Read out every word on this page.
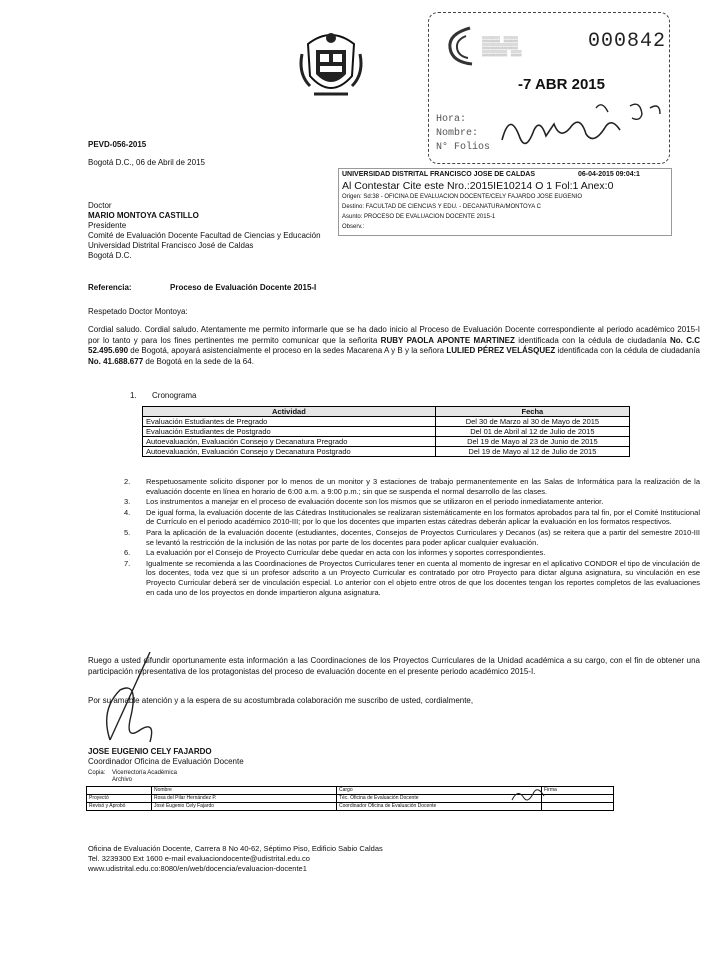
▒▒▒▒▒ ▒▒▒▒
▒▒▒▒▒▒▒▒▒▒
▒▒▒▒▒▒▒ ▒▒▒
000842
-7 ABR 2015
Hora:
Nombre:
N° Folios
PEVD-056-2015
Bogotá D.C., 06 de Abril de 2015
UNIVERSIDAD DISTRITAL FRANCISCO JOSE DE CALDAS	06-04-2015 09:04:1
Al Contestar Cite este Nro.:2015IE10214 O 1 Fol:1 Anex:0
Origen: Sd:38 - OFICINA DE EVALUACION DOCENTE/CELY FAJARDO JOSE EUGENIO
Destino: FACULTAD DE CIENCIAS Y EDU. - DECANATURA/MONTOYA C
Asunto: PROCESO DE EVALUACION DOCENTE 2015-1
Observ.:
Doctor
MARIO MONTOYA CASTILLO
Presidente
Comité de Evaluación Docente Facultad de Ciencias y Educación
Universidad Distrital Francisco José de Caldas
Bogotá D.C.
Referencia:	Proceso de Evaluación Docente 2015-I
Respetado Doctor Montoya:
Cordial saludo. Cordial saludo. Atentamente me permito informarle que se ha dado inicio al Proceso de Evaluación Docente correspondiente al periodo académico 2015-I por lo tanto y para los fines pertinentes me permito comunicar que la señorita RUBY PAOLA APONTE MARTINEZ identificada con la cédula de ciudadanía No. C.C 52.495.690 de Bogotá, apoyará asistencialmente el proceso en la sedes Macarena A y B y la señora LULIED PÉREZ VELÁSQUEZ identificada con la cédula de ciudadanía No. 41.688.677 de Bogotá en la sede de la 64.
1. Cronograma
Actividad	Fecha
Evaluación Estudiantes de Pregrado	Del 30 de Marzo al 30 de Mayo de 2015
Evaluación Estudiantes de Postgrado	Del 01 de Abril al 12 de Julio de 2015
Autoevaluación, Evaluación Consejo y Decanatura Pregrado	Del 19 de Mayo al 23 de Junio de 2015
Autoevaluación, Evaluación Consejo y Decanatura Postgrado	Del 19 de Mayo al 12 de Julio de 2015
2. Respetuosamente solicito disponer por lo menos de un monitor y 3 estaciones de trabajo permanentemente en las Salas de Informática para la realización de la evaluación docente en línea en horario de 6:00 a.m. a 9:00 p.m.; sin que se suspenda el normal desarrollo de las clases.
3. Los instrumentos a manejar en el proceso de evaluación docente son los mismos que se utilizaron en el periodo inmediatamente anterior.
4. De igual forma, la evaluación docente de las Cátedras Institucionales se realizaran sistemáticamente en los formatos aprobados para tal fin, por el Comité Institucional de Currículo en el periodo académico 2010-III; por lo que los docentes que imparten estas cátedras deberán aplicar la evaluación en los formatos respectivos.
5. Para la aplicación de la evaluación docente (estudiantes, docentes, Consejos de Proyectos Curriculares y Decanos (as) se reitera que a partir del semestre 2010-III se levantó la restricción de la inclusión de las notas por parte de los docentes para poder aplicar cualquier evaluación.
6. La evaluación por el Consejo de Proyecto Curricular debe quedar en acta con los informes y soportes correspondientes.
7. Igualmente se recomienda a las Coordinaciones de Proyectos Curriculares tener en cuenta al momento de ingresar en el aplicativo CONDOR el tipo de vinculación de los docentes, toda vez que si un profesor adscrito a un Proyecto Curricular es contratado por otro Proyecto para dictar alguna asignatura, su vinculación en ese Proyecto Curricular deberá ser de vinculación especial. Lo anterior con el objeto entre otros de que los docentes tengan los reportes completos de las evaluaciones en cada uno de los proyectos en donde impartieron alguna asignatura.
Ruego a usted difundir oportunamente esta información a las Coordinaciones de los Proyectos Curriculares de la Unidad académica a su cargo, con el fin de obtener una participación representativa de los protagonistas del proceso de evaluación docente en el presente periodo académico 2015-I.
Por su amable atención y a la espera de su acostumbrada colaboración me suscribo de usted, cordialmente,
JOSE EUGENIO CELY FAJARDO
Coordinador Oficina de Evaluación Docente
Copia: Vicerrectoría Académica
Archivo
	Nombre	Cargo	Firma
Proyectó	Rosa del Pilar Hernández P.	Téc. Oficina de Evaluación Docente	
Revisó y Aprobó	José Eugenio Cely Fajardo	Coordinador Oficina de Evaluación Docente	
Oficina de Evaluación Docente, Carrera 8 No 40-62, Séptimo Piso, Edificio Sabio Caldas
Tel. 3239300 Ext 1600 e-mail evaluaciondocente@udistrital.edu.co
www.udistrital.edu.co:8080/en/web/docencia/evaluacion-docente1
